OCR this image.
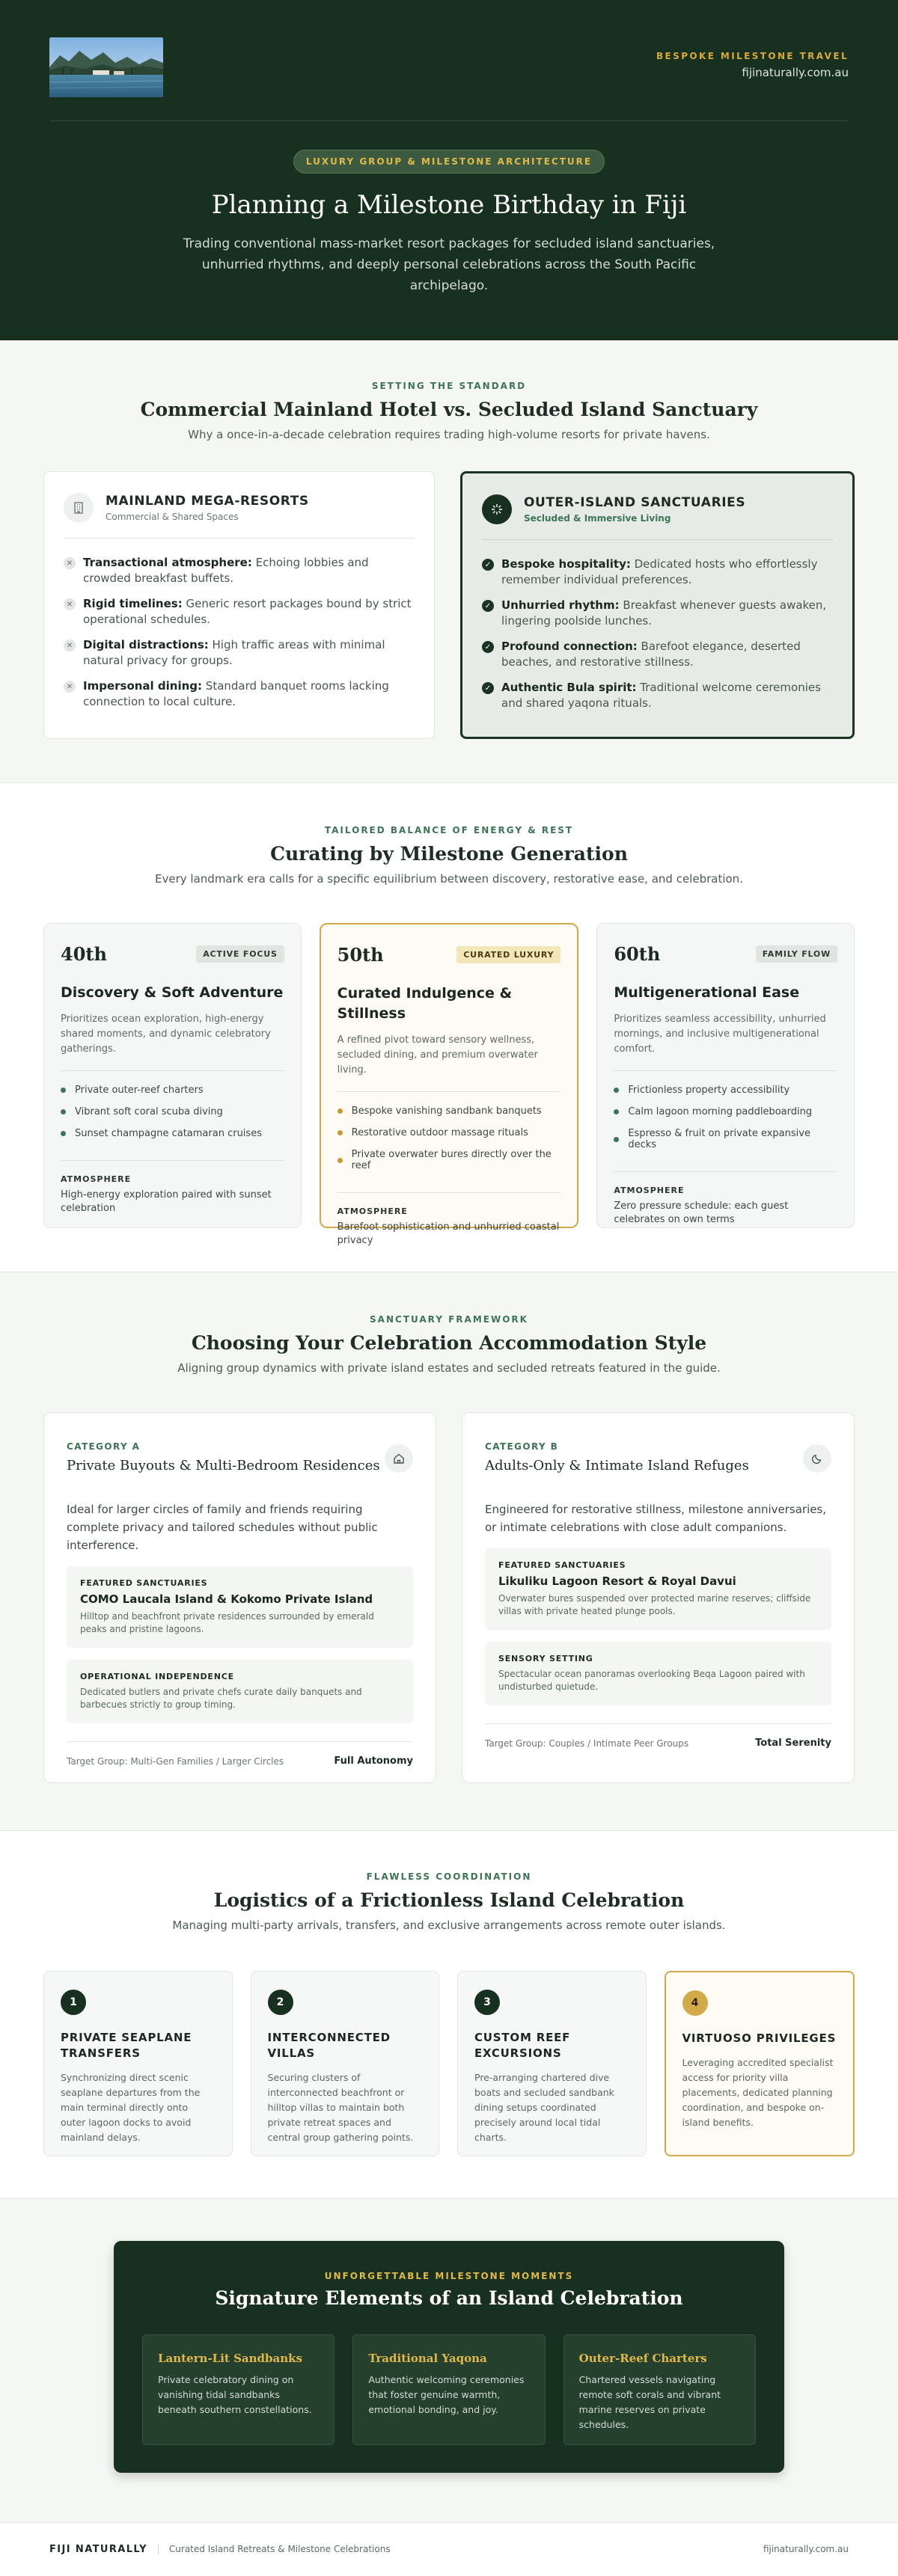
BESPOKE MILESTONE TRAVEL
fijinaturally.com.au
LUXURY GROUP & MILESTONE ARCHITECTURE
Planning a Milestone Birthday in Fiji

Trading conventional mass-market resort packages for secluded island sanctuaries, unhurried rhythms, and deeply personal celebrations across the South Pacific archipelago.

SETTING THE STANDARD
Commercial Mainland Hotel vs. Secluded Island Sanctuary

Why a once-in-a-decade celebration requires trading high-volume resorts for private havens.

MAINLAND MEGA-RESORTS
Commercial & Shared Spaces
✕ Transactional atmosphere: Echoing lobbies and crowded breakfast buffets.
✕ Rigid timelines: Generic resort packages bound by strict operational schedules.
✕ Digital distractions: High traffic areas with minimal natural privacy for groups.
✕ Impersonal dining: Standard banquet rooms lacking connection to local culture.
OUTER-ISLAND SANCTUARIES
Secluded & Immersive Living
✓ Bespoke hospitality: Dedicated hosts who effortlessly remember individual preferences.
✓ Unhurried rhythm: Breakfast whenever guests awaken, lingering poolside lunches.
✓ Profound connection: Barefoot elegance, deserted beaches, and restorative stillness.
✓ Authentic Bula spirit: Traditional welcome ceremonies and shared yaqona rituals.
TAILORED BALANCE OF ENERGY & REST
Curating by Milestone Generation

Every landmark era calls for a specific equilibrium between discovery, restorative ease, and celebration.

40th	ACTIVE FOCUS
Discovery & Soft Adventure
Prioritizes ocean exploration, high-energy shared moments, and dynamic celebratory gatherings.
Private outer-reef charters
Vibrant soft coral scuba diving
Sunset champagne catamaran cruises
ATMOSPHERE
High-energy exploration paired with sunset celebration
50th	CURATED LUXURY
Curated Indulgence & Stillness
A refined pivot toward sensory wellness, secluded dining, and premium overwater living.
Bespoke vanishing sandbank banquets
Restorative outdoor massage rituals
Private overwater bures directly over the reef
ATMOSPHERE
Barefoot sophistication and unhurried coastal privacy
60th	FAMILY FLOW
Multigenerational Ease
Prioritizes seamless accessibility, unhurried mornings, and inclusive multigenerational comfort.
Frictionless property accessibility
Calm lagoon morning paddleboarding
Espresso & fruit on private expansive decks
ATMOSPHERE
Zero pressure schedule: each guest celebrates on own terms
SANCTUARY FRAMEWORK
Choosing Your Celebration Accommodation Style

Aligning group dynamics with private island estates and secluded retreats featured in the guide.

CATEGORY A
Private Buyouts & Multi-Bedroom Residences

Ideal for larger circles of family and friends requiring complete privacy and tailored schedules without public interference.

FEATURED SANCTUARIES
COMO Laucala Island & Kokomo Private Island
Hilltop and beachfront private residences surrounded by emerald peaks and pristine lagoons.
OPERATIONAL INDEPENDENCE
Dedicated butlers and private chefs curate daily banquets and barbecues strictly to group timing.
Target Group: Multi-Gen Families / Larger Circles	Full Autonomy
CATEGORY B
Adults-Only & Intimate Island Refuges

Engineered for restorative stillness, milestone anniversaries, or intimate celebrations with close adult companions.

FEATURED SANCTUARIES
Likuliku Lagoon Resort & Royal Davui
Overwater bures suspended over protected marine reserves; cliffside villas with private heated plunge pools.
SENSORY SETTING
Spectacular ocean panoramas overlooking Beqa Lagoon paired with undisturbed quietude.
Target Group: Couples / Intimate Peer Groups	Total Serenity
FLAWLESS COORDINATION
Logistics of a Frictionless Island Celebration

Managing multi-party arrivals, transfers, and exclusive arrangements across remote outer islands.

1
PRIVATE SEAPLANE TRANSFERS
Synchronizing direct scenic seaplane departures from the main terminal directly onto outer lagoon docks to avoid mainland delays.
2
INTERCONNECTED VILLAS
Securing clusters of interconnected beachfront or hilltop villas to maintain both private retreat spaces and central group gathering points.
3
CUSTOM REEF EXCURSIONS
Pre-arranging chartered dive boats and secluded sandbank dining setups coordinated precisely around local tidal charts.
4
VIRTUOSO PRIVILEGES
Leveraging accredited specialist access for priority villa placements, dedicated planning coordination, and bespoke on-island benefits.
UNFORGETTABLE MILESTONE MOMENTS
Signature Elements of an Island Celebration
Lantern-Lit Sandbanks
Private celebratory dining on vanishing tidal sandbanks beneath southern constellations.
Traditional Yaqona
Authentic welcoming ceremonies that foster genuine warmth, emotional bonding, and joy.
Outer-Reef Charters
Chartered vessels navigating remote soft corals and vibrant marine reserves on private schedules.
FIJI NATURALLY Curated Island Retreats & Milestone Celebrations	fijinaturally.com.au
